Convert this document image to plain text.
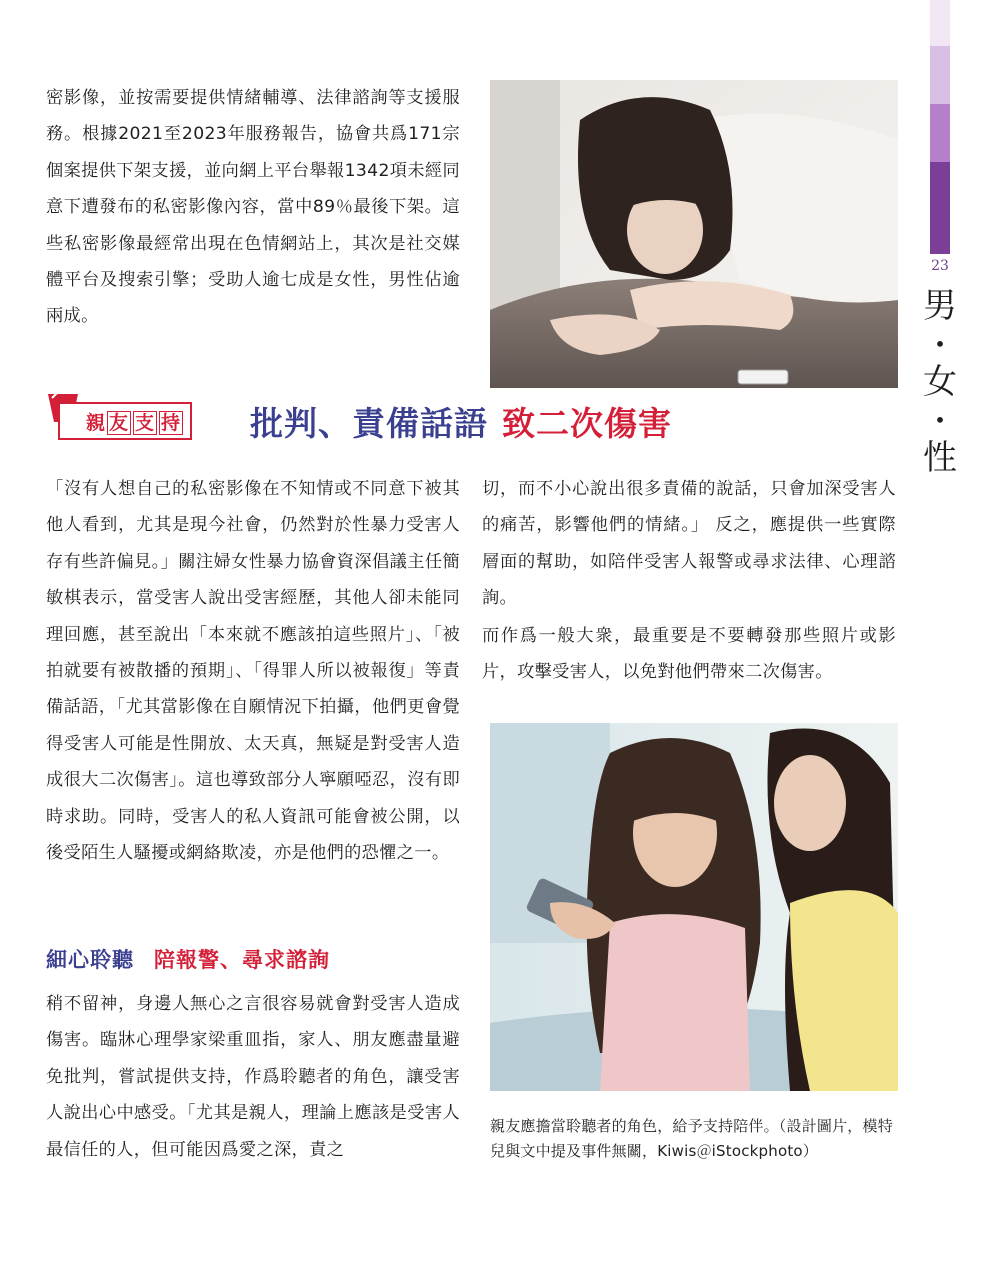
23
男
•
女
•
性

密影像，並按需要提供情緒輔導、法律諮詢等支援服務。根據2021至2023年服務報告，協會共爲171宗個案提供下架支援，並向網上平台舉報1342項未經同意下遭發布的私密影像內容，當中89％最後下架。這些私密影像最經常出現在色情網站上，其次是社交媒體平台及搜索引擎；受助人逾七成是女性，男性佔逾兩成。

親 友 支 持 批判、責備話語 致二次傷害

「沒有人想自己的私密影像在不知情或不同意下被其他人看到，尤其是現今社會，仍然對於性暴力受害人存有些許偏見。」關注婦女性暴力協會資深倡議主任簡敏棋表示，當受害人說出受害經歷，其他人卻未能同理回應，甚至說出「本來就不應該拍這些照片」、「被拍就要有被散播的預期」、「得罪人所以被報復」等責備話語，「尤其當影像在自願情況下拍攝，他們更會覺得受害人可能是性開放、太天真，無疑是對受害人造成很大二次傷害」。這也導致部分人寧願啞忍，沒有即時求助。同時，受害人的私人資訊可能會被公開，以後受陌生人騷擾或網絡欺凌，亦是他們的恐懼之一。

切，而不小心說出很多責備的說話，只會加深受害人的痛苦，影響他們的情緒。」 反之，應提供一些實際層面的幫助，如陪伴受害人報警或尋求法律、心理諮詢。

而作爲一般大衆，最重要是不要轉發那些照片或影片，攻擊受害人，以免對他們帶來二次傷害。

細心聆聽 陪報警、尋求諮詢

稍不留神，身邊人無心之言很容易就會對受害人造成傷害。臨牀心理學家梁重皿指，家人、朋友應盡量避免批判，嘗試提供支持，作爲聆聽者的角色，讓受害人說出心中感受。「尤其是親人，理論上應該是受害人最信任的人，但可能因爲愛之深，責之

親友應擔當聆聽者的角色，給予支持陪伴。（設計圖片，模特兒與文中提及事件無關，Kiwis＠iStockphoto）
